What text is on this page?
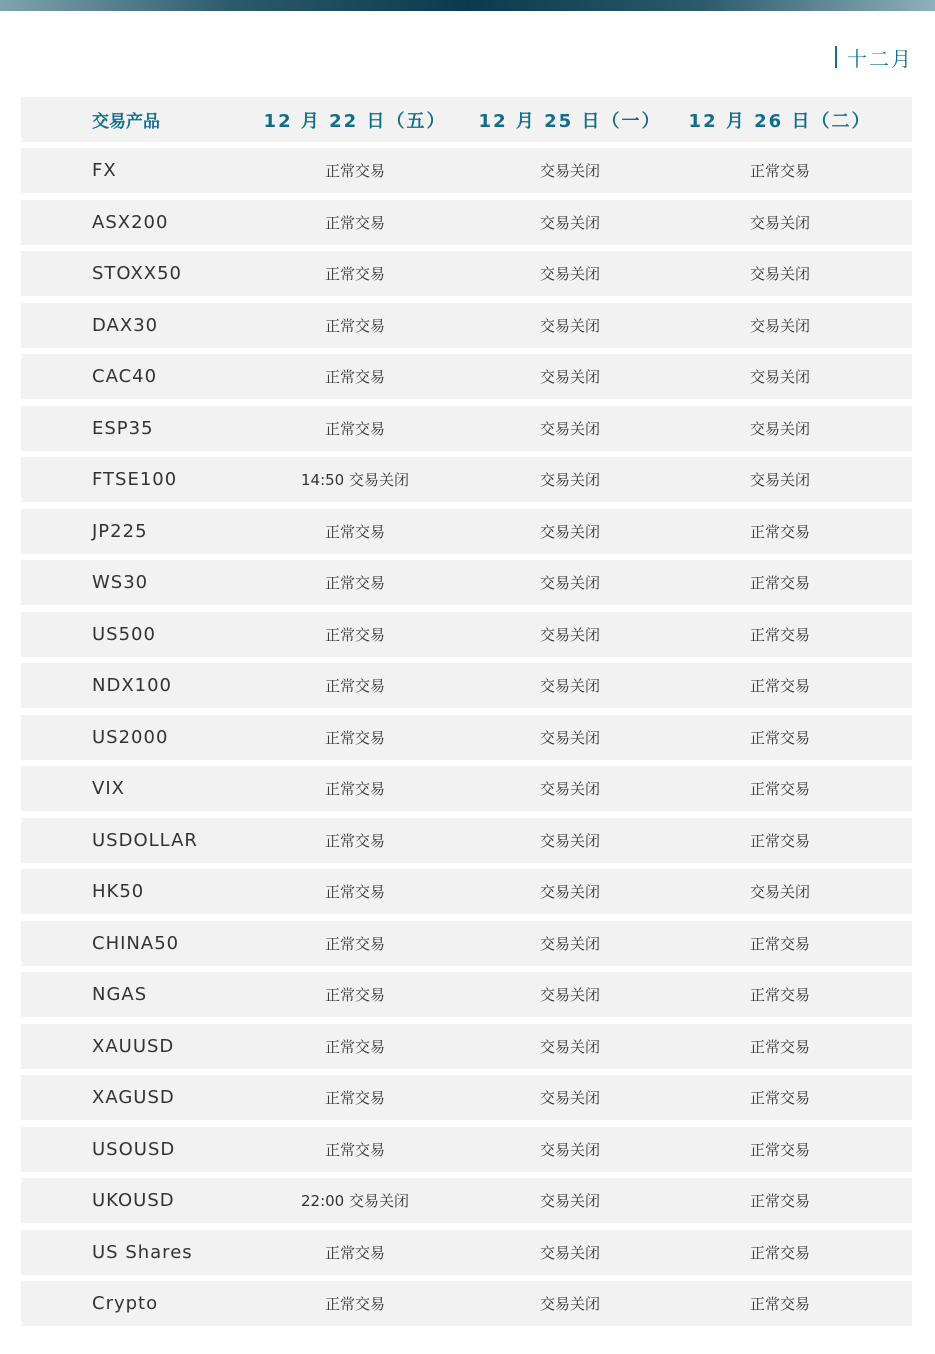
十二月
交易产品	12 月 22 日（五）	12 月 25 日（一）	12 月 26 日（二）
FX	正常交易	交易关闭	正常交易
ASX200	正常交易	交易关闭	交易关闭
STOXX50	正常交易	交易关闭	交易关闭
DAX30	正常交易	交易关闭	交易关闭
CAC40	正常交易	交易关闭	交易关闭
ESP35	正常交易	交易关闭	交易关闭
FTSE100	14:50 交易关闭	交易关闭	交易关闭
JP225	正常交易	交易关闭	正常交易
WS30	正常交易	交易关闭	正常交易
US500	正常交易	交易关闭	正常交易
NDX100	正常交易	交易关闭	正常交易
US2000	正常交易	交易关闭	正常交易
VIX	正常交易	交易关闭	正常交易
USDOLLAR	正常交易	交易关闭	正常交易
HK50	正常交易	交易关闭	交易关闭
CHINA50	正常交易	交易关闭	正常交易
NGAS	正常交易	交易关闭	正常交易
XAUUSD	正常交易	交易关闭	正常交易
XAGUSD	正常交易	交易关闭	正常交易
USOUSD	正常交易	交易关闭	正常交易
UKOUSD	22:00 交易关闭	交易关闭	正常交易
US Shares	正常交易	交易关闭	正常交易
Crypto	正常交易	交易关闭	正常交易
